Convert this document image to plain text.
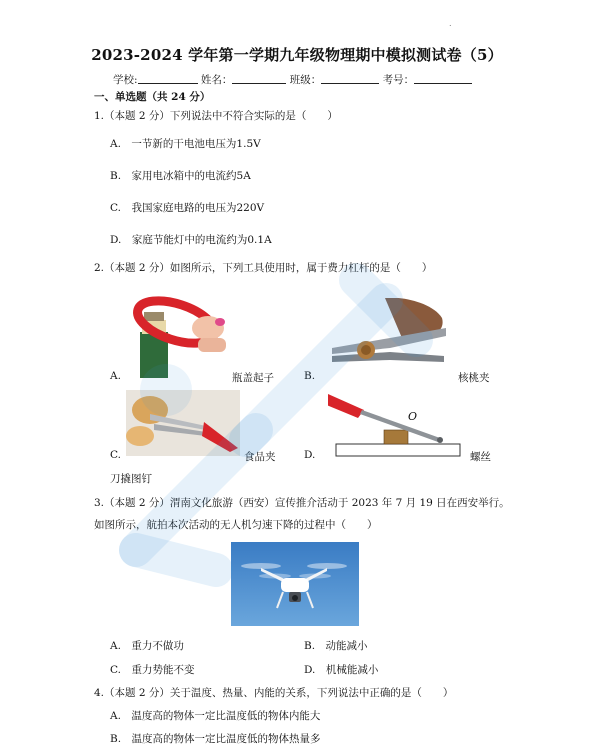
.
2023-2024 学年第一学期九年级物理期中模拟测试卷（5）
学校:	姓名：	班级：	考号：
一、单选题（共 24 分）
1.（本题 2 分）下列说法中不符合实际的是（　　）
A.　一节新的干电池电压为1.5V
B.　家用电冰箱中的电流约5A
C.　我国家庭电路的电压为220V
D.　家庭节能灯中的电流约为0.1A
2.（本题 2 分）如图所示，下列工具使用时，属于费力杠杆的是（　　）
A.	瓶盖起子	B.	核桃夹
C.	食品夹
O
D.	螺丝
刀撬图钉
3.（本题 2 分）渭南文化旅游（西安）宣传推介活动于 2023 年 7 月 19 日在西安举行。
如图所示，航拍本次活动的无人机匀速下降的过程中（　　）
A.　重力不做功	B.　动能减小
C.　重力势能不变	D.　机械能减小
4.（本题 2 分）关于温度、热量、内能的关系，下列说法中正确的是（　　）
A.　温度高的物体一定比温度低的物体内能大
B.　温度高的物体一定比温度低的物体热量多
